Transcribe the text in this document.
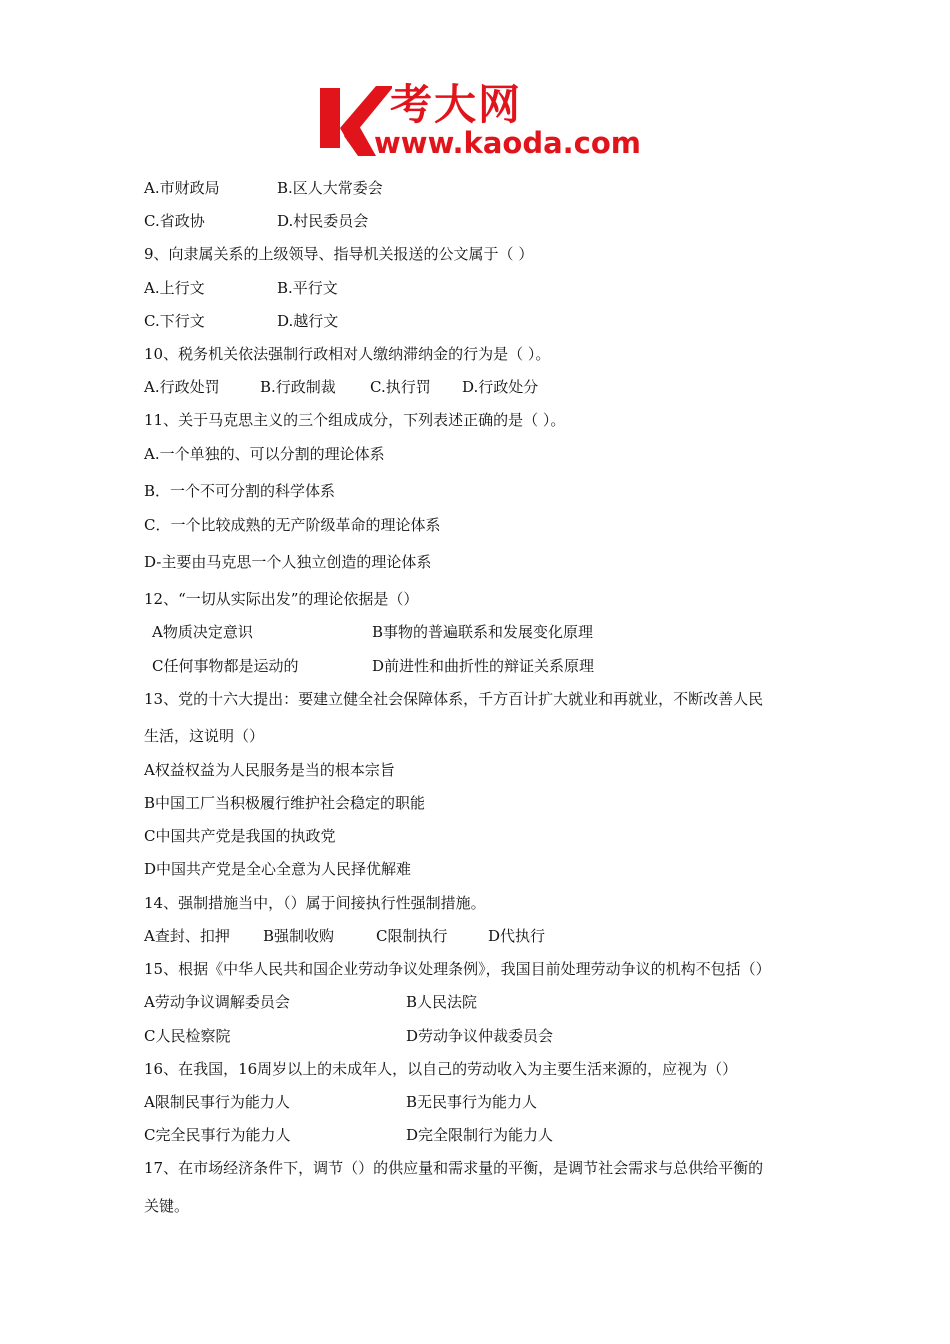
考大网
www.kaoda.com
A.市财政局	B.区人大常委会
C.省政协	D.村民委员会
9、向隶属关系的上级领导、指导机关报送的公文属于（ ）
A.上行文	B.平行文
C.下行文	D.越行文
10、税务机关依法强制行政相对人缴纳滞纳金的行为是（ ）。
A.行政处罚	B.行政制裁 C.执行罚 D.行政处分
11、关于马克思主义的三个组成成分，下列表述正确的是（ ）。
A.一个单独的、可以分割的理论体系
B．一个不可分割的科学体系
C．一个比较成熟的无产阶级革命的理论体系
D-主要由马克思一个人独立创造的理论体系
12、“一切从实际出发”的理论依据是（）
A物质决定意识	B事物的普遍联系和发展变化原理
C任何事物都是运动的	D前进性和曲折性的辩证关系原理
13、党的十六大提出：要建立健全社会保障体系，千方百计扩大就业和再就业，不断改善人民
生活，这说明（）
A权益权益为人民服务是当的根本宗旨
B中国工厂当积极履行维护社会稳定的职能
C中国共产党是我国的执政党
D中国共产党是全心全意为人民择优解难
14、强制措施当中，（）属于间接执行性强制措施。
A查封、扣押 B强制收购	C限制执行	D代执行
15、根据《中华人民共和国企业劳动争议处理条例》，我国目前处理劳动争议的机构不包括（）
A劳动争议调解委员会	B人民法院
C人民检察院	D劳动争议仲裁委员会
16、在我国，16周岁以上的未成年人，以自己的劳动收入为主要生活来源的，应视为（）
A限制民事行为能力人	B无民事行为能力人
C完全民事行为能力人	D完全限制行为能力人
17、在市场经济条件下，调节（）的供应量和需求量的平衡，是调节社会需求与总供给平衡的
关键。
